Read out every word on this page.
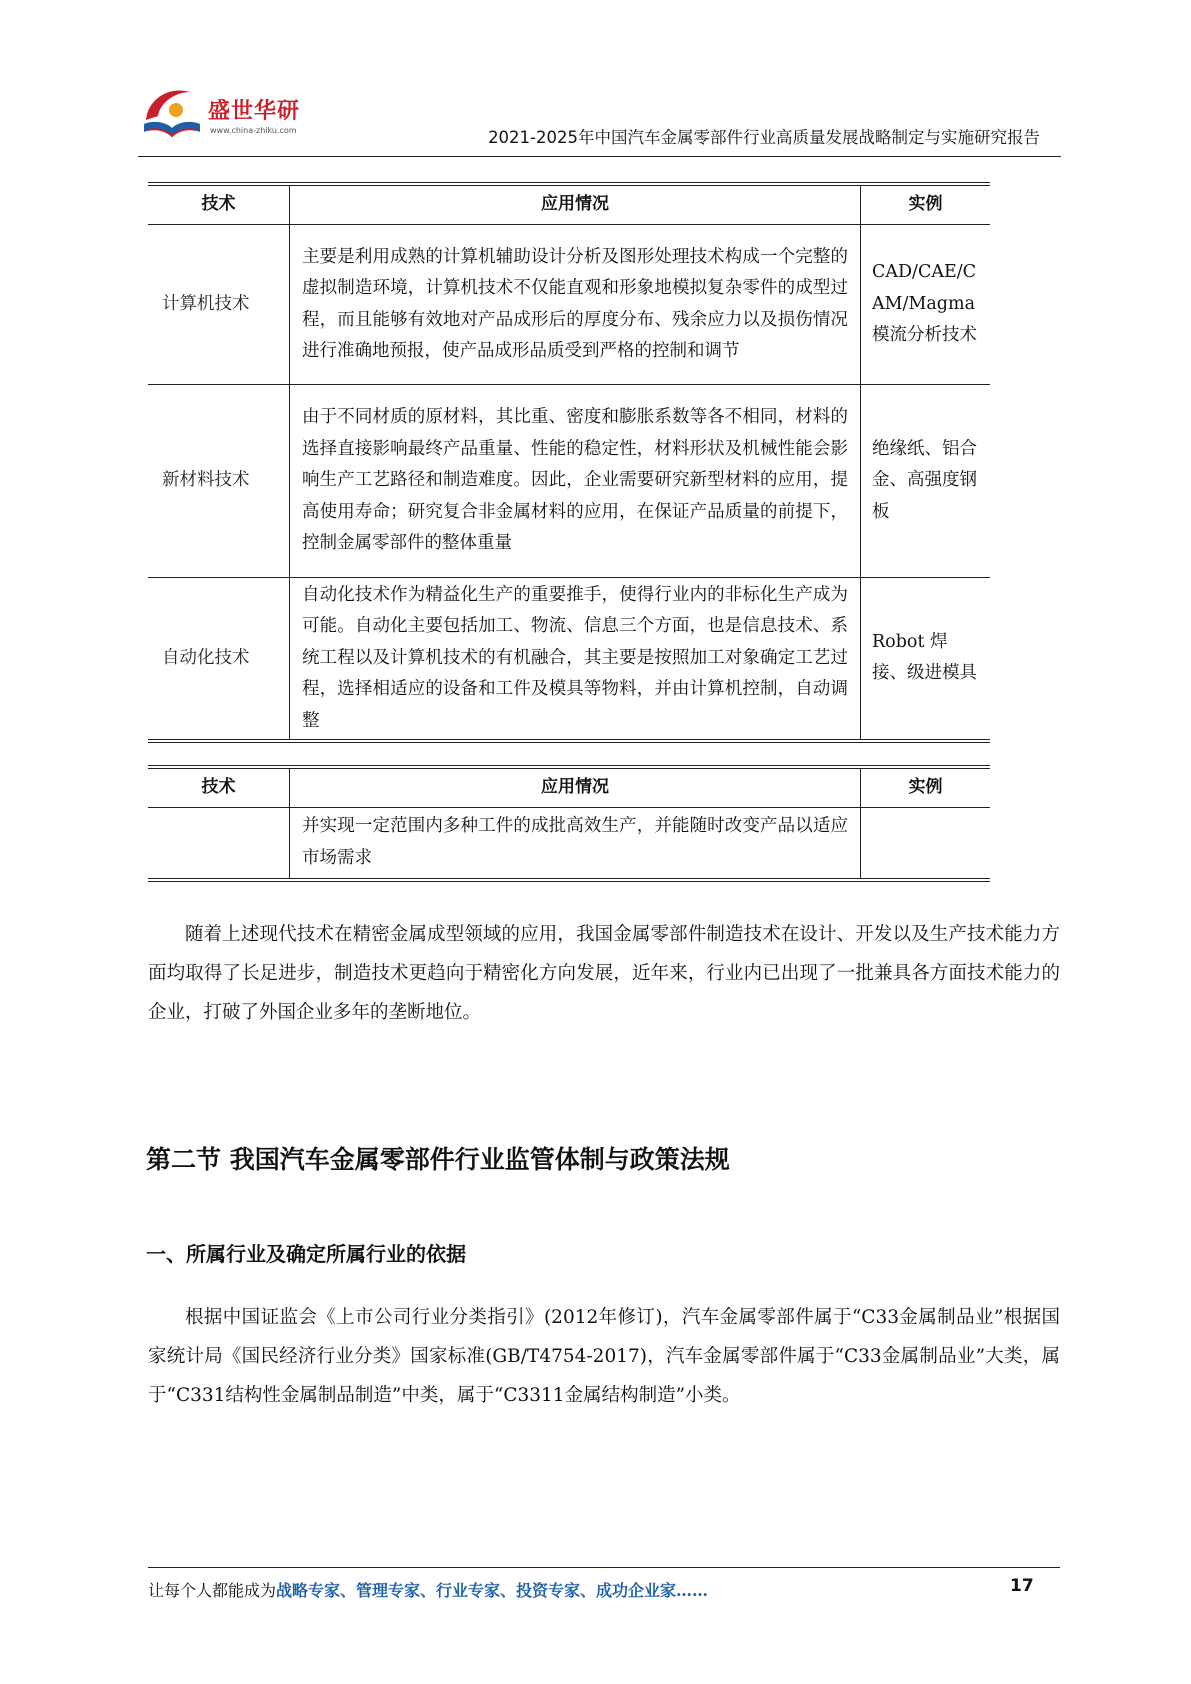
盛世华研
www.china-zhiku.com	2021-2025年中国汽车金属零部件行业高质量发展战略制定与实施研究报告
技术	应用情况	实例
计算机技术	主要是利用成熟的计算机辅助设计分析及图形处理技术构成一个完整的虚拟制造环境，计算机技术不仅能直观和形象地模拟复杂零件的成型过程，而且能够有效地对产品成形后的厚度分布、残余应力以及损伤情况进行准确地预报，使产品成形品质受到严格的控制和调节	CAD/CAE/CAM/Magma 模流分析技术
新材料技术	由于不同材质的原材料，其比重、密度和膨胀系数等各不相同，材料的选择直接影响最终产品重量、性能的稳定性，材料形状及机械性能会影响生产工艺路径和制造难度。因此，企业需要研究新型材料的应用，提高使用寿命；研究复合非金属材料的应用，在保证产品质量的前提下，控制金属零部件的整体重量	绝缘纸、铝合金、高强度钢板
自动化技术	自动化技术作为精益化生产的重要推手，使得行业内的非标化生产成为可能。自动化主要包括加工、物流、信息三个方面，也是信息技术、系统工程以及计算机技术的有机融合，其主要是按照加工对象确定工艺过程，选择相适应的设备和工件及模具等物料，并由计算机控制，自动调整	Robot 焊接、级进模具
技术	应用情况	实例
	并实现一定范围内多种工件的成批高效生产，并能随时改变产品以适应市场需求	
随着上述现代技术在精密金属成型领域的应用，我国金属零部件制造技术在设计、开发以及生产技术能力方面均取得了长足进步，制造技术更趋向于精密化方向发展，近年来，行业内已出现了一批兼具各方面技术能力的企业，打破了外国企业多年的垄断地位。
第二节 我国汽车金属零部件行业监管体制与政策法规
一、所属行业及确定所属行业的依据
根据中国证监会《上市公司行业分类指引》(2012年修订)，汽车金属零部件属于“C33金属制品业”根据国家统计局《国民经济行业分类》国家标准(GB/T4754-2017)，汽车金属零部件属于“C33金属制品业”大类，属于“C331结构性金属制品制造”中类，属于“C3311金属结构制造”小类。
让每个人都能成为战略专家、管理专家、行业专家、投资专家、成功企业家……	17
